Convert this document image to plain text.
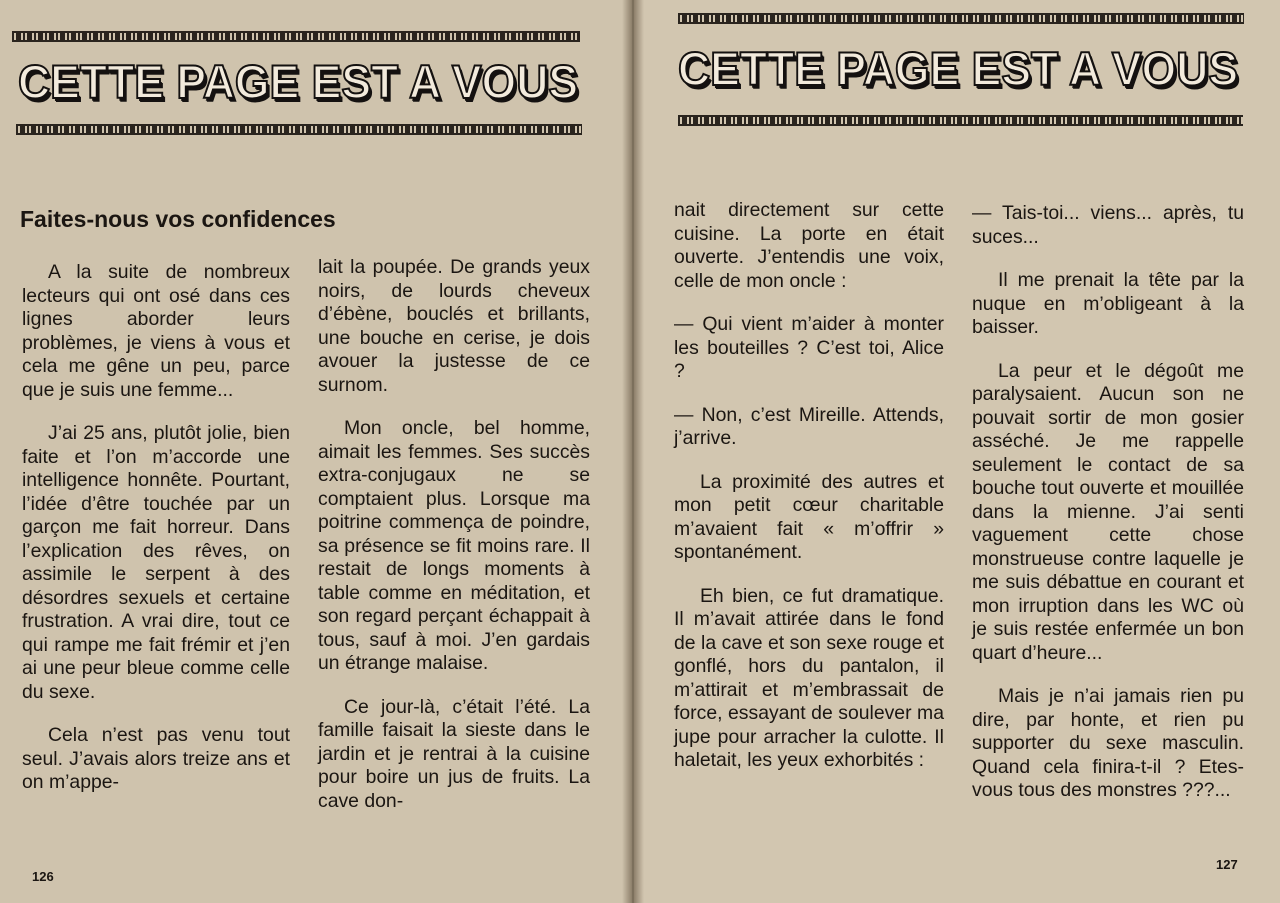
CETTE PAGE EST A VOUS
Faites-nous vos confidences

A la suite de nombreux lecteurs qui ont osé dans ces lignes aborder leurs problèmes, je viens à vous et cela me gêne un peu, parce que je suis une femme...

J’ai 25 ans, plutôt jolie, bien faite et l’on m’accorde une intelligence honnête. Pourtant, l’idée d’être touchée par un garçon me fait horreur. Dans l’explication des rêves, on assimile le serpent à des désordres sexuels et certaine frustration. A vrai dire, tout ce qui rampe me fait frémir et j’en ai une peur bleue comme celle du sexe.

Cela n’est pas venu tout seul. J’avais alors treize ans et on m’appe-

lait la poupée. De grands yeux noirs, de lourds cheveux d’ébène, bouclés et brillants, une bouche en cerise, je dois avouer la justesse de ce surnom.

Mon oncle, bel homme, aimait les femmes. Ses succès extra-conjugaux ne se comptaient plus. Lorsque ma poitrine commença de poindre, sa présence se fit moins rare. Il restait de longs moments à table comme en méditation, et son regard perçant échappait à tous, sauf à moi. J’en gardais un étrange malaise.

Ce jour-là, c’était l’été. La famille faisait la sieste dans le jardin et je rentrai à la cuisine pour boire un jus de fruits. La cave don-

126
CETTE PAGE EST A VOUS

nait directement sur cette cuisine. La porte en était ouverte. J’entendis une voix, celle de mon oncle :

— Qui vient m’aider à monter les bouteilles ? C’est toi, Alice ?

— Non, c’est Mireille. Attends, j’arrive.

La proximité des autres et mon petit cœur charitable m’avaient fait « m’offrir » spontanément.

Eh bien, ce fut dramatique. Il m’avait attirée dans le fond de la cave et son sexe rouge et gonflé, hors du pantalon, il m’attirait et m’embrassait de force, essayant de soulever ma jupe pour arracher la culotte. Il haletait, les yeux exhorbités :

— Tais-toi... viens... après, tu suces...

Il me prenait la tête par la nuque en m’obligeant à la baisser.

La peur et le dégoût me paralysaient. Aucun son ne pouvait sortir de mon gosier asséché. Je me rappelle seulement le contact de sa bouche tout ouverte et mouillée dans la mienne. J’ai senti vaguement cette chose monstrueuse contre laquelle je me suis débattue en courant et mon irruption dans les WC où je suis restée enfermée un bon quart d’heure...

Mais je n’ai jamais rien pu dire, par honte, et rien pu supporter du sexe masculin. Quand cela finira-t-il ? Etes-vous tous des monstres ???...

127
